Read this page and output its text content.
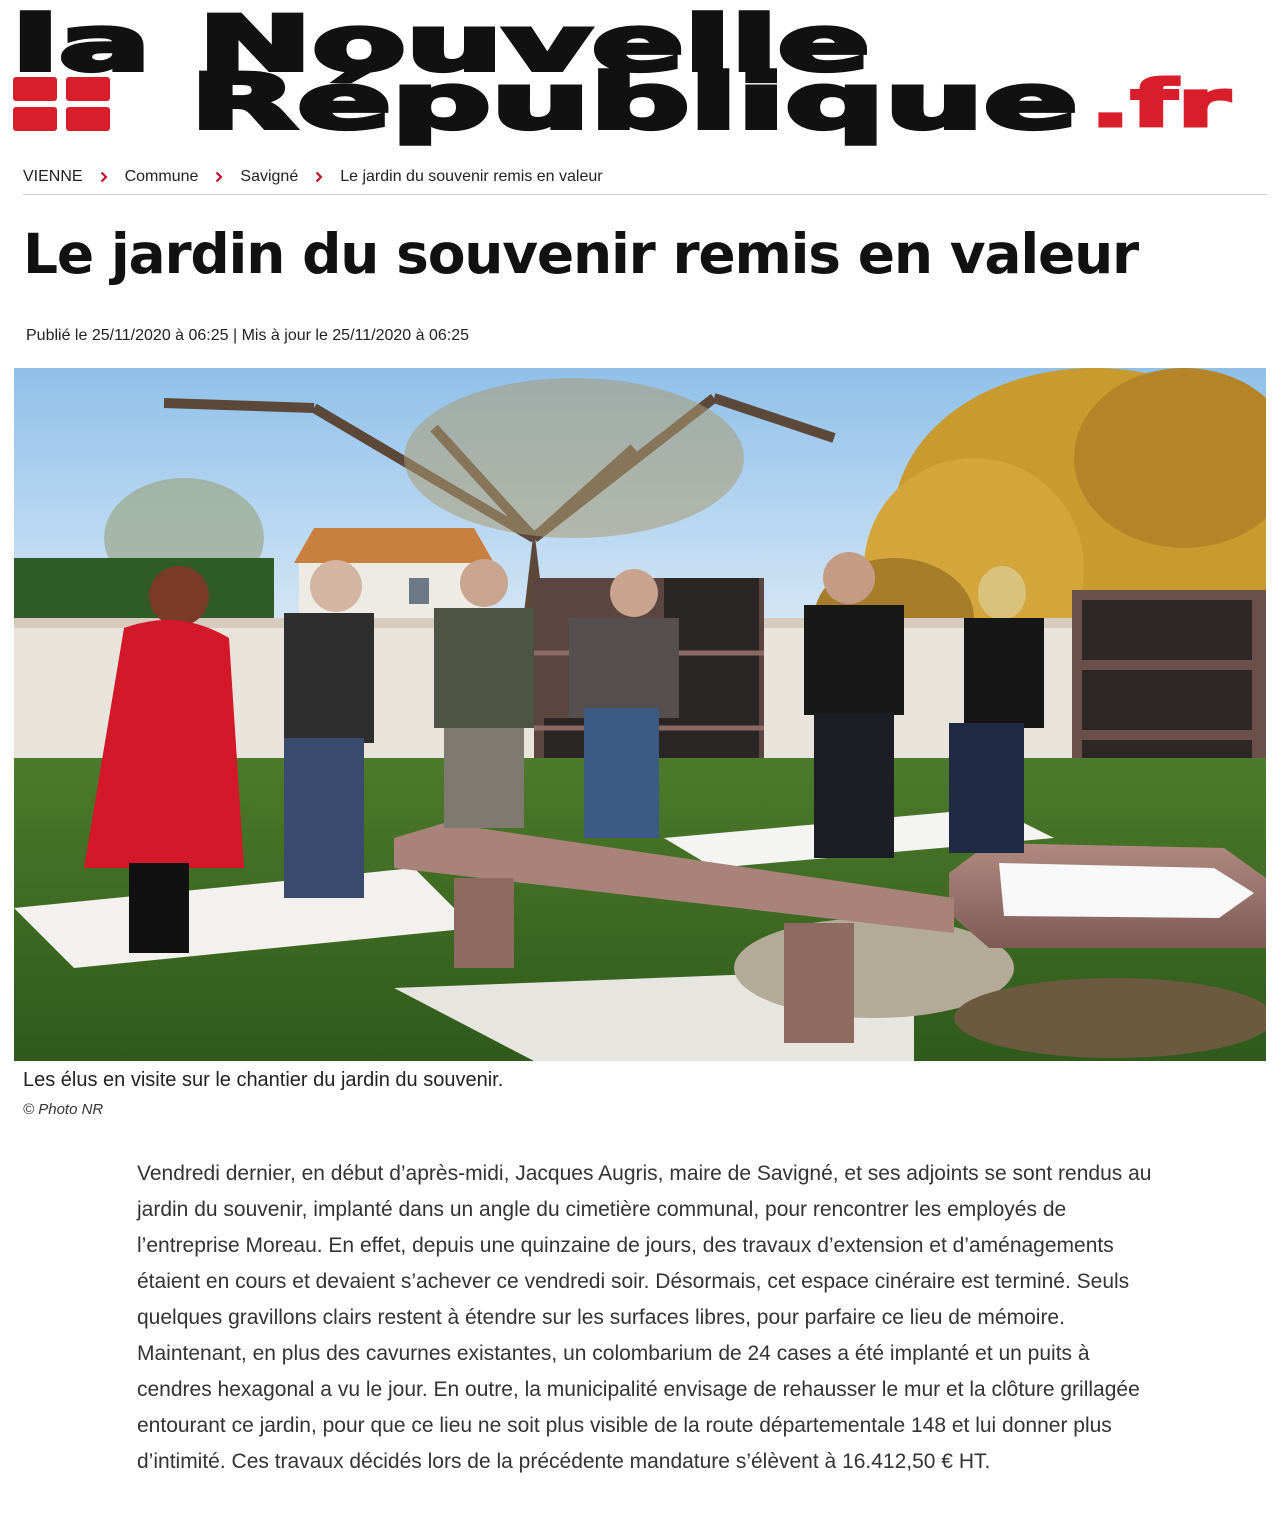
la Nouvelle
République .fr
VIENNE	Commune	Savigné	Le jardin du souvenir remis en valeur
Le jardin du souvenir remis en valeur
Publié le 25/11/2020 à 06:25 | Mis à jour le 25/11/2020 à 06:25
Les élus en visite sur le chantier du jardin du souvenir.
© Photo NR

Vendredi dernier, en début d’après-midi, Jacques Augris, maire de Savigné, et ses adjoints se sont rendus au jardin du souvenir, implanté dans un angle du cimetière communal, pour rencontrer les employés de l’entreprise Moreau. En effet, depuis une quinzaine de jours, des travaux d’extension et d’aménagements étaient en cours et devaient s’achever ce vendredi soir. Désormais, cet espace cinéraire est terminé. Seuls quelques gravillons clairs restent à étendre sur les surfaces libres, pour parfaire ce lieu de mémoire. Maintenant, en plus des cavurnes existantes, un colombarium de 24 cases a été implanté et un puits à cendres hexagonal a vu le jour. En outre, la municipalité envisage de rehausser le mur et la clôture grillagée entourant ce jardin, pour que ce lieu ne soit plus visible de la route départementale 148 et lui donner plus d’intimité. Ces travaux décidés lors de la précédente mandature s’élèvent à 16.412,50 € HT.
